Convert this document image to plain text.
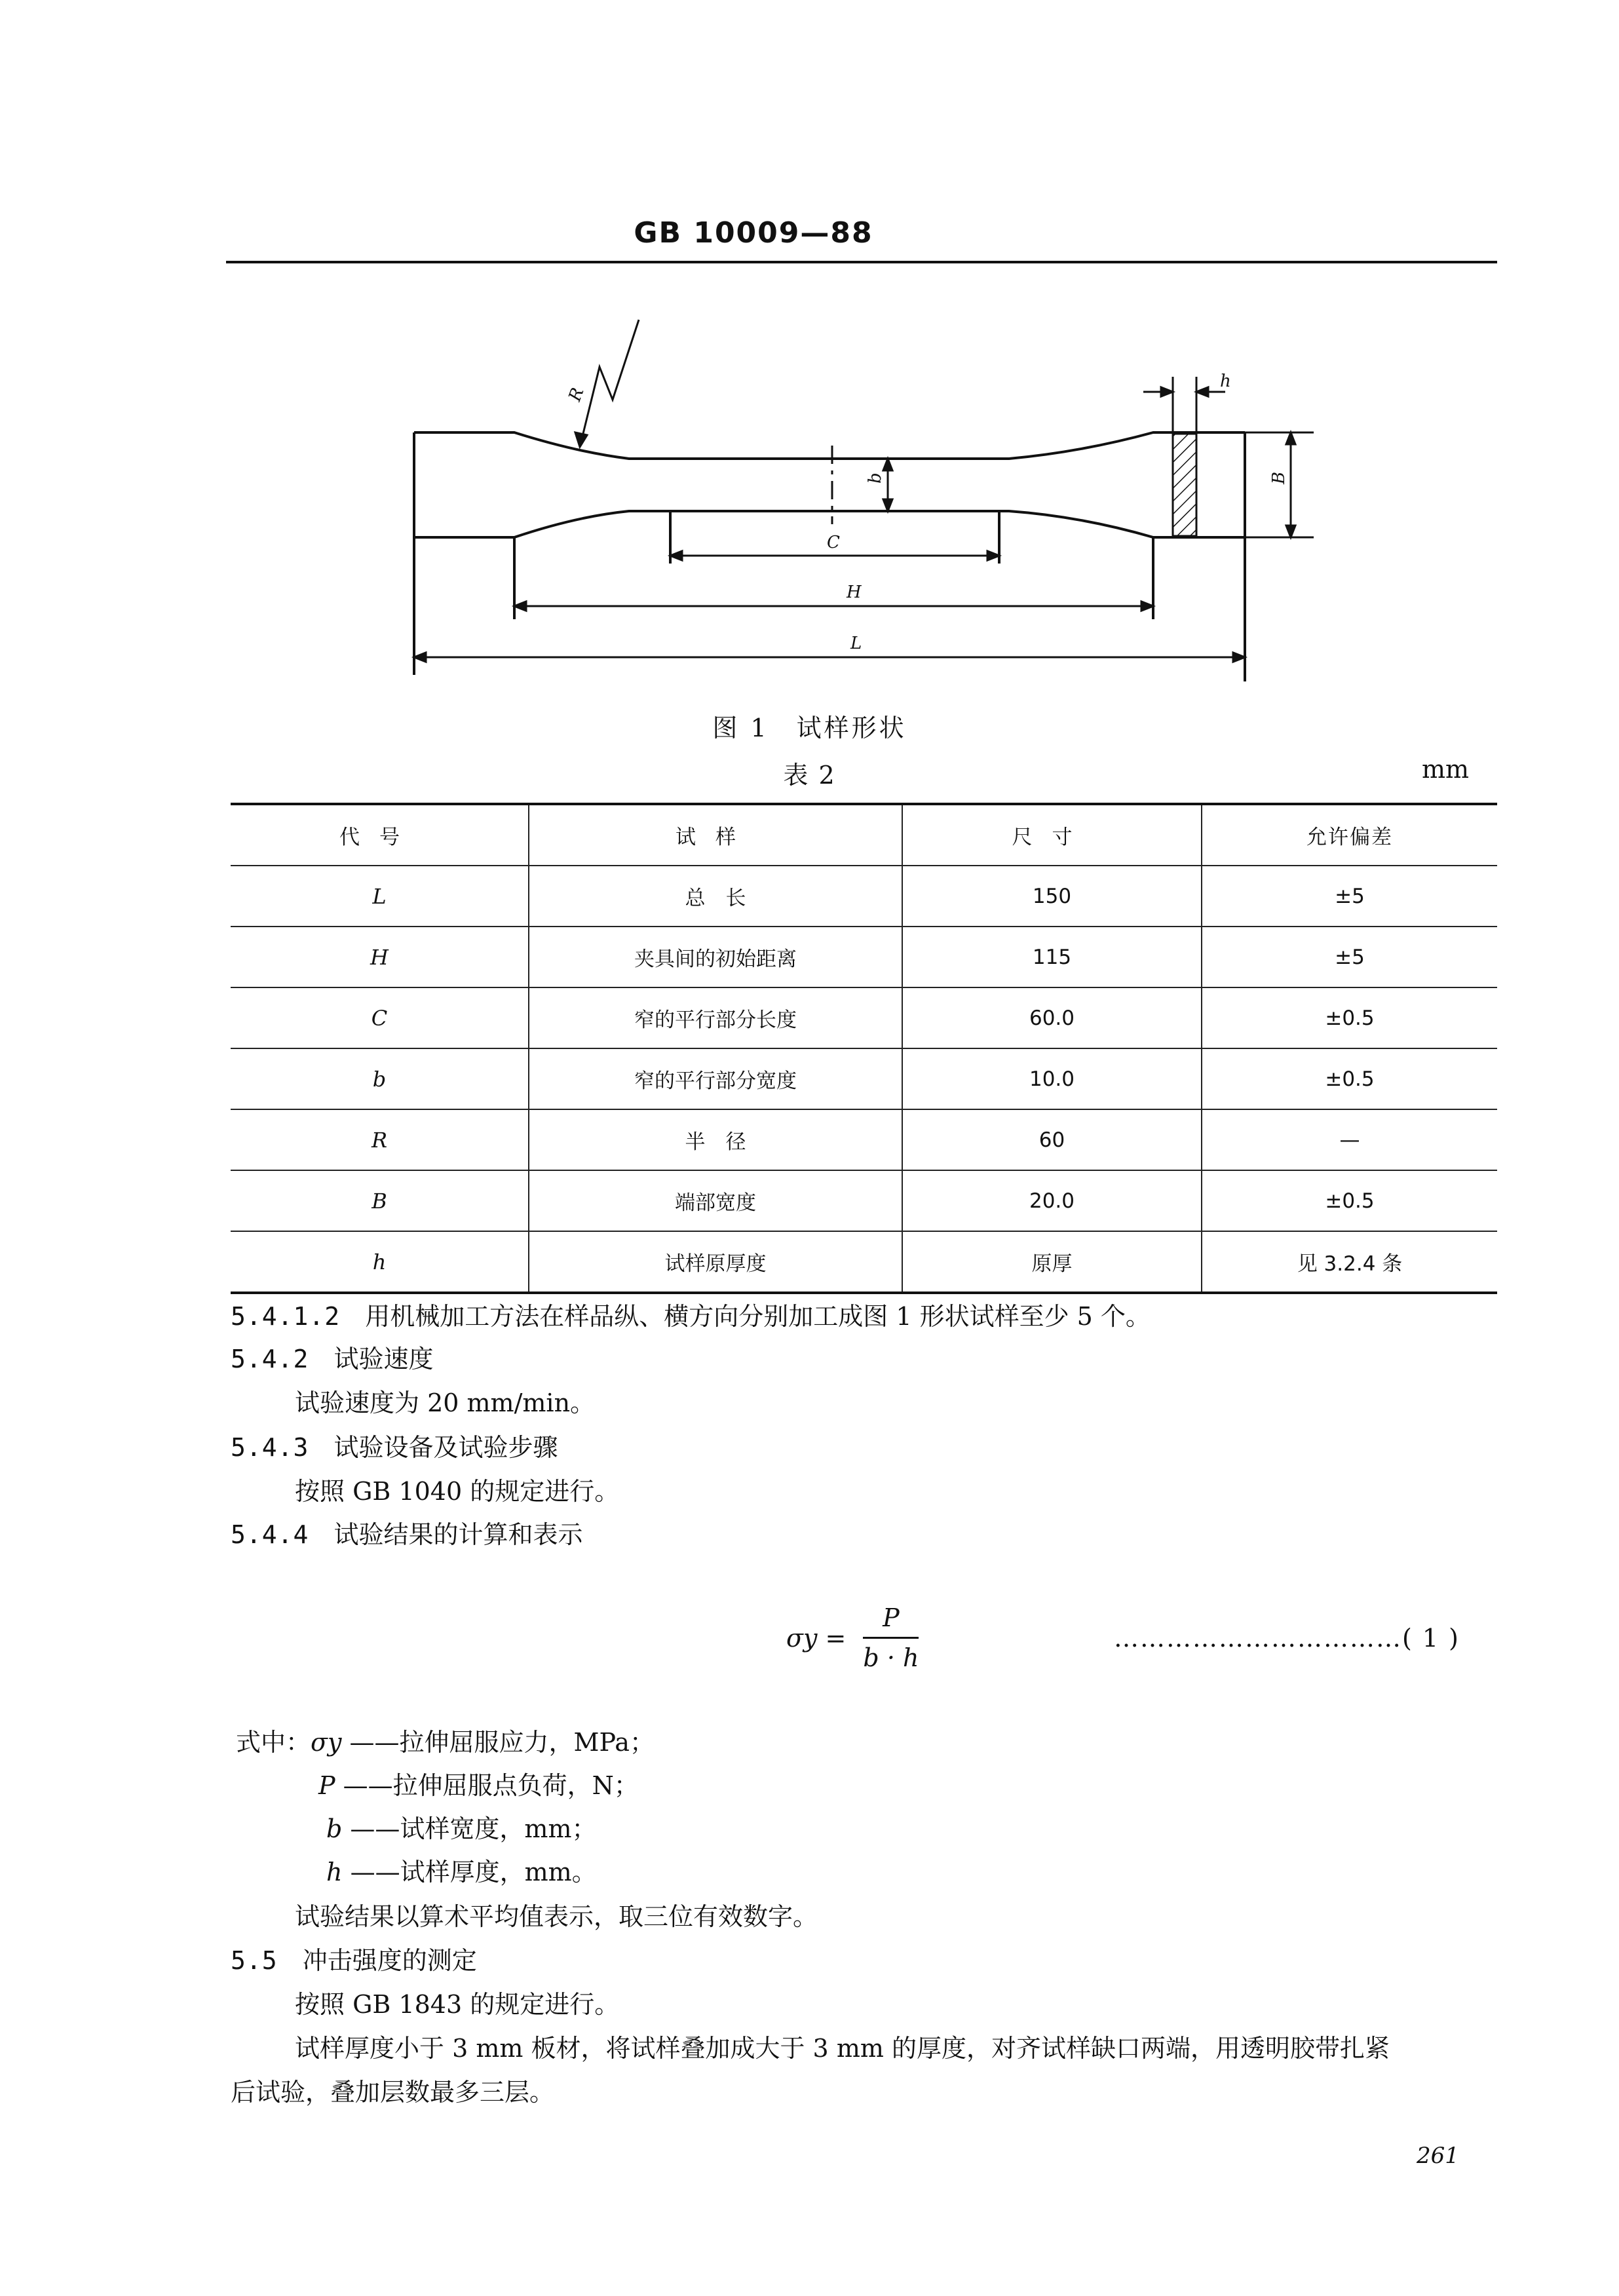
GB 10009—88
R
h
b	B
C
H
L
图 1　试样形状
表 2	mm
代号	试样	尺寸	允许偏差
L	总　长	150	±5
H	夹具间的初始距离	115	±5
C	窄的平行部分长度	60.0	±0.5
b	窄的平行部分宽度	10.0	±0.5
R	半　径	60	—
B	端部宽度	20.0	±0.5
h	试样原厚度	原厚	见 3.2.4 条
5.4.1.2 用机械加工方法在样品纵、横方向分别加工成图 1 形状试样至少 5 个。
5.4.2 试验速度
试验速度为 20 mm/min。
5.4.3 试验设备及试验步骤
按照 GB 1040 的规定进行。
5.4.4 试验结果的计算和表示
$\sigma y = \frac{P}{b \cdot h}$	……………………………( 1 )
式中：σy ——拉伸屈服应力，MPa；
P ——拉伸屈服点负荷，N；
b ——试样宽度，mm；
h ——试样厚度，mm。
试验结果以算术平均值表示，取三位有效数字。
5.5 冲击强度的测定
按照 GB 1843 的规定进行。
试样厚度小于 3 mm 板材，将试样叠加成大于 3 mm 的厚度，对齐试样缺口两端，用透明胶带扎紧
后试验，叠加层数最多三层。
261
